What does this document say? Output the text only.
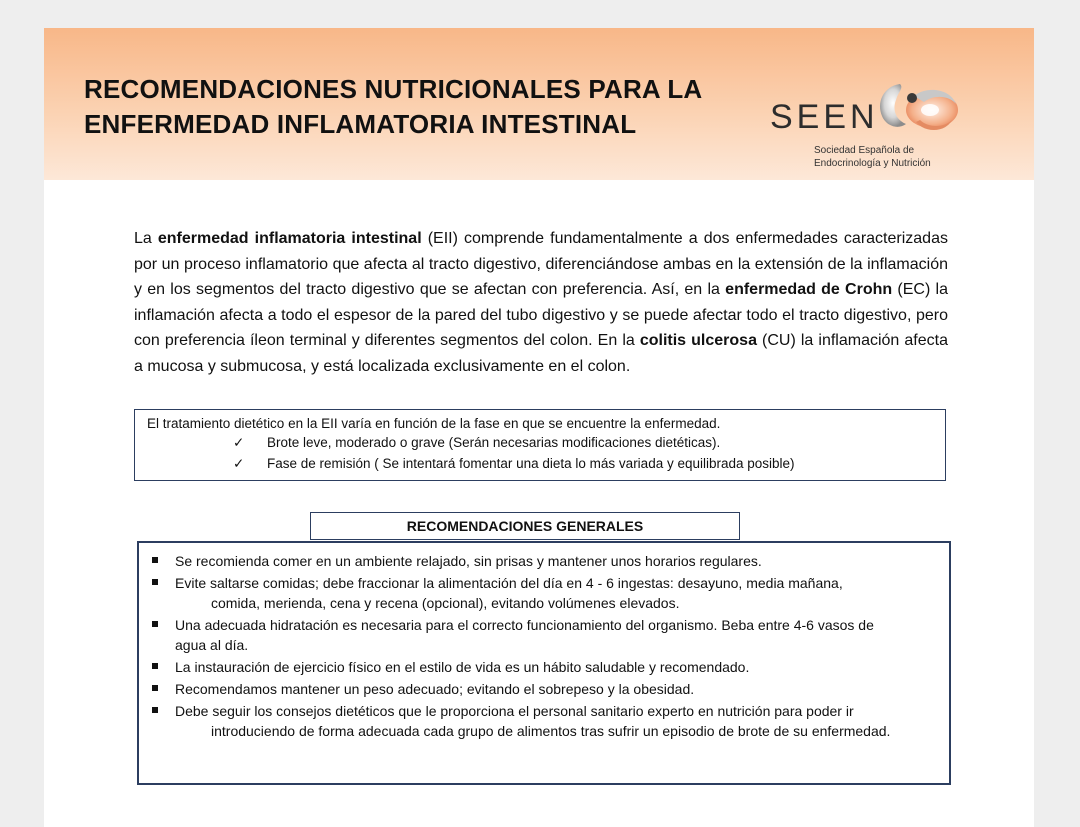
RECOMENDACIONES NUTRICIONALES PARA LA
ENFERMEDAD INFLAMATORIA INTESTINAL	SEEN
Sociedad Española de
Endocrinología y Nutrición

La enfermedad inflamatoria intestinal (EII) comprende fundamentalmente a dos enfermedades caracterizadas por un proceso inflamatorio que afecta al tracto digestivo, diferenciándose ambas en la extensión de la inflamación y en los segmentos del tracto digestivo que se afectan con preferencia. Así, en la enfermedad de Crohn (EC) la inflamación afecta a todo el espesor de la pared del tubo digestivo y se puede afectar todo el tracto digestivo, pero con preferencia íleon terminal y diferentes segmentos del colon. En la colitis ulcerosa (CU) la inflamación afecta a mucosa y submucosa, y está localizada exclusivamente en el colon.

El tratamiento dietético en la EII varía en función de la fase en que se encuentre la enfermedad.
✓	Brote leve, moderado o grave (Serán necesarias modificaciones dietéticas).
✓	Fase de remisión ( Se intentará fomentar una dieta lo más variada y equilibrada posible)
RECOMENDACIONES GENERALES
Se recomienda comer en un ambiente relajado, sin prisas y mantener unos horarios regulares.
Evite saltarse comidas; debe fraccionar la alimentación del día en 4 - 6 ingestas: desayuno, media mañana,
comida, merienda, cena y recena (opcional), evitando volúmenes elevados.
Una adecuada hidratación es necesaria para el correcto funcionamiento del organismo. Beba entre 4-6 vasos de
agua al día.
La instauración de ejercicio físico en el estilo de vida es un hábito saludable y recomendado.
Recomendamos mantener un peso adecuado; evitando el sobrepeso y la obesidad.
Debe seguir los consejos dietéticos que le proporciona el personal sanitario experto en nutrición para poder ir
introduciendo de forma adecuada cada grupo de alimentos tras sufrir un episodio de brote de su enfermedad.
